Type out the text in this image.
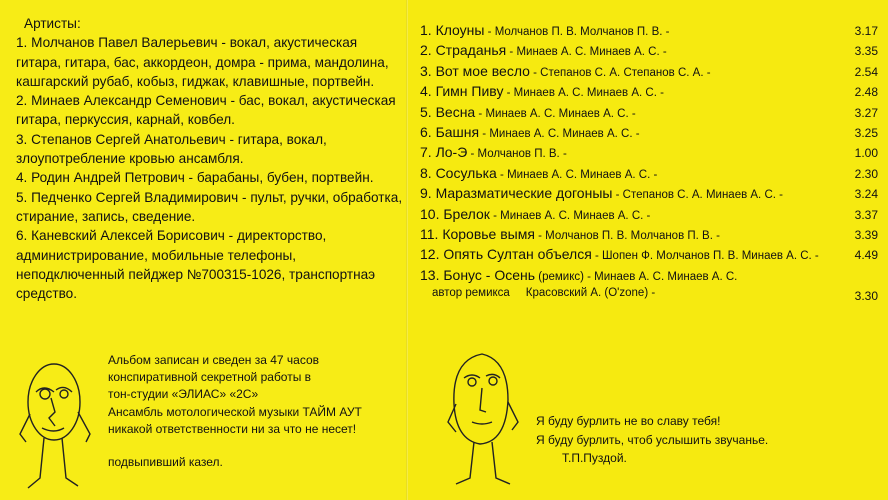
Артисты:
1. Молчанов Павел Валерьевич - вокал, акустическая гитара, гитара, бас, аккордеон, домра - прима, мандолина, кашгарский рубаб, кобыз, гиджак, клавишные, портвейн.
2. Минаев Александр Семенович - бас, вокал, акустическая гитара, перкуссия, карнай, ковбел.
3. Степанов Сергей Анатольевич - гитара, вокал, злоупотребление кровью ансамбля.
4. Родин Андрей Петрович - барабаны, бубен, портвейн.
5. Педченко Сергей Владимирович - пульт, ручки, обработка, стирание, запись, сведение.
6. Каневский Алексей Борисович - директорство, администрирование, мобильные телефоны, неподключенный пейджер №700315-1026, транспортнаэ средство.
Альбом записан и сведен за 47 часов
конспиративной секретной работы в
тон-студии «ЭЛИАС» «2С»
Ансамбль мотологической музыки ТАЙМ АУТ
никакой ответственности ни за что не несет!
подвыпивший казел.
1. Клоуны - Молчанов П. В. Молчанов П. В. -	3.17
2. Страданья - Минаев А. С. Минаев А. С. -	3.35
3. Вот мое весло - Степанов С. А. Степанов С. А. -	2.54
4. Гимн Пиву - Минаев А. С. Минаев А. С. -	2.48
5. Весна - Минаев А. С. Минаев А. С. -	3.27
6. Башня - Минаев А. С. Минаев А. С. -	3.25
7. Ло-Э - Молчанов П. В. -	1.00
8. Сосулька - Минаев А. С. Минаев А. С. -	2.30
9. Маразматические догоныы - Степанов С. А. Минаев А. С. -	3.24
10. Брелок - Минаев А. С. Минаев А. С. -	3.37
11. Коровье вымя - Молчанов П. В. Молчанов П. В. -	3.39
12. Опять Султан объелся - Шопен Ф. Молчанов П. В. Минаев А. С. -	4.49
13. Бонус - Осень (ремикс) - Минаев А. С. Минаев А. С.
автор ремикса     Красовский А. (O'zone) -	3.30
Я буду бурлить не во славу тебя!
Я буду бурлить, чтоб услышить звучанье.
Т.П.Пуздой.
